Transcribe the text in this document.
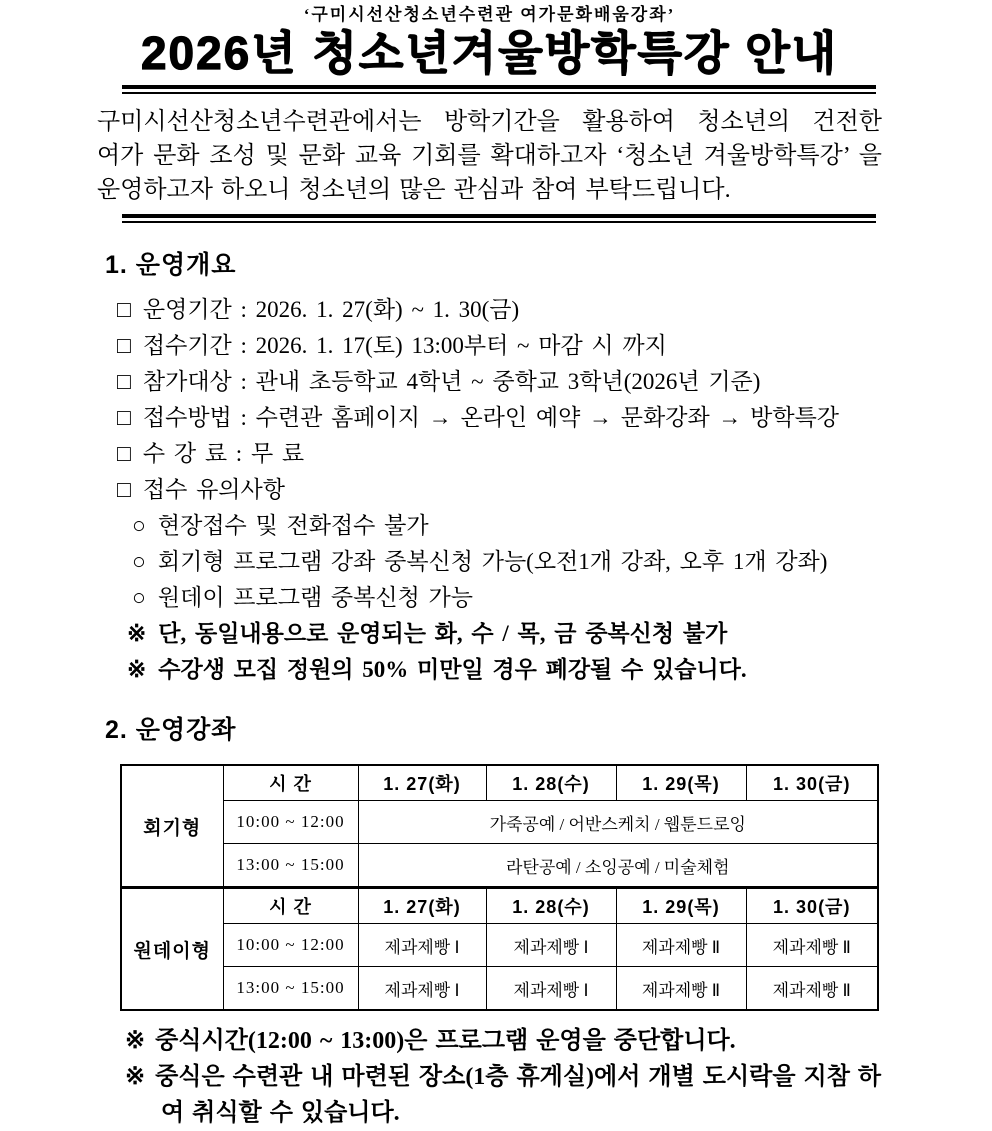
‘구미시선산청소년수련관 여가문화배움강좌’
2026년 청소년겨울방학특강 안내
구미시선산청소년수련관에서는 방학기간을 활용하여 청소년의 건전한
여가 문화 조성 및 문화 교육 기회를 확대하고자 ‘청소년 겨울방학특강’ 을
운영하고자 하오니 청소년의 많은 관심과 참여 부탁드립니다.
1. 운영개요
□ 운영기간 : 2026. 1. 27(화) ~ 1. 30(금)
□ 접수기간 : 2026. 1. 17(토) 13:00부터 ~ 마감 시 까지
□ 참가대상 : 관내 초등학교 4학년 ~ 중학교 3학년(2026년 기준)
□ 접수방법 : 수련관 홈페이지 → 온라인 예약 → 문화강좌 → 방학특강
□ 수 강 료 : 무 료
□ 접수 유의사항
○ 현장접수 및 전화접수 불가
○ 회기형 프로그램 강좌 중복신청 가능(오전1개 강좌, 오후 1개 강좌)
○ 원데이 프로그램 중복신청 가능
※ 단, 동일내용으로 운영되는 화, 수 / 목, 금 중복신청 불가
※ 수강생 모집 정원의 50% 미만일 경우 폐강될 수 있습니다.
2. 운영강좌
회기형	시 간	1. 27(화)	1. 28(수)	1. 29(목)	1. 30(금)
	10:00 ~ 12:00	가죽공예 / 어반스케치 / 웹툰드로잉			
	13:00 ~ 15:00	라탄공예 / 소잉공예 / 미술체험			
원데이형	시 간	1. 27(화)	1. 28(수)	1. 29(목)	1. 30(금)
	10:00 ~ 12:00	제과제빵 Ⅰ	제과제빵 Ⅰ	제과제빵 Ⅱ	제과제빵 Ⅱ
	13:00 ~ 15:00	제과제빵 Ⅰ	제과제빵 Ⅰ	제과제빵 Ⅱ	제과제빵 Ⅱ
※ 중식시간(12:00 ~ 13:00)은 프로그램 운영을 중단합니다.
※ 중식은 수련관 내 마련된 장소(1층 휴게실)에서 개별 도시락을 지참 하여 취식할 수 있습니다.
